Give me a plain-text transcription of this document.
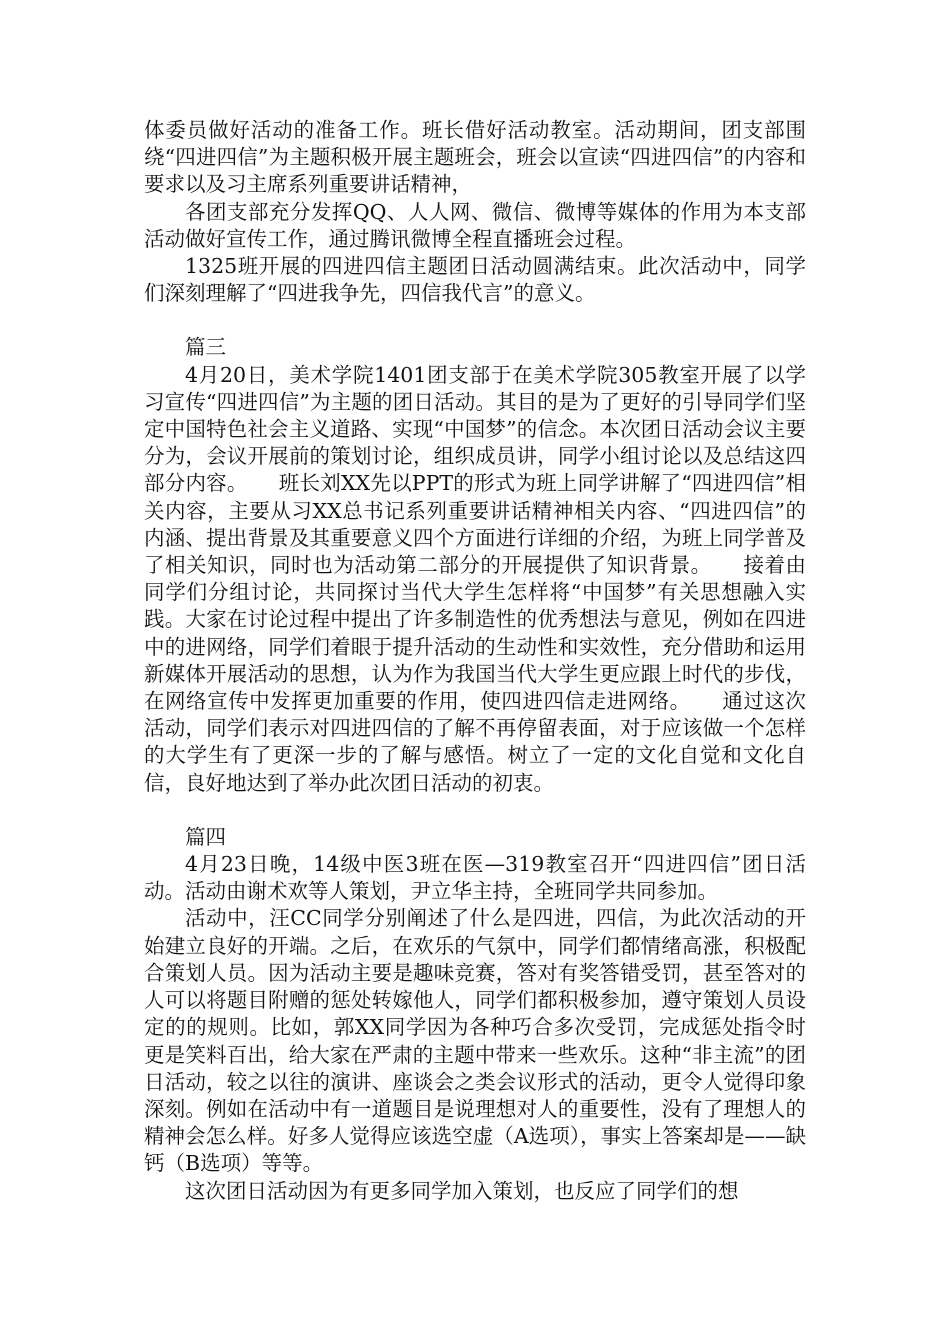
体委员做好活动的准备工作。班长借好活动教室。活动期间，团支部围绕“四进四信”为主题积极开展主题班会，班会以宣读“四进四信”的内容和要求以及习主席系列重要讲话精神，

各团支部充分发挥QQ、人人网、微信、微博等媒体的作用为本支部活动做好宣传工作，通过腾讯微博全程直播班会过程。

1325班开展的四进四信主题团日活动圆满结束。此次活动中，同学们深刻理解了“四进我争先，四信我代言”的意义。

篇三

4月20日，美术学院1401团支部于在美术学院305教室开展了以学习宣传“四进四信”为主题的团日活动。其目的是为了更好的引导同学们坚定中国特色社会主义道路、实现“中国梦”的信念。本次团日活动会议主要分为，会议开展前的策划讨论，组织成员讲，同学小组讨论以及总结这四部分内容。　　班长刘XX先以PPT的形式为班上同学讲解了“四进四信”相关内容，主要从习XX总书记系列重要讲话精神相关内容、“四进四信”的内涵、提出背景及其重要意义四个方面进行详细的介绍，为班上同学普及了相关知识，同时也为活动第二部分的开展提供了知识背景。　　接着由同学们分组讨论，共同探讨当代大学生怎样将“中国梦”有关思想融入实践。大家在讨论过程中提出了许多制造性的优秀想法与意见，例如在四进中的进网络，同学们着眼于提升活动的生动性和实效性，充分借助和运用新媒体开展活动的思想，认为作为我国当代大学生更应跟上时代的步伐，在网络宣传中发挥更加重要的作用，使四进四信走进网络。　　通过这次活动，同学们表示对四进四信的了解不再停留表面，对于应该做一个怎样的大学生有了更深一步的了解与感悟。树立了一定的文化自觉和文化自信，良好地达到了举办此次团日活动的初衷。

篇四

4月23日晚，14级中医3班在医—319教室召开“四进四信”团日活动。活动由谢术欢等人策划，尹立华主持，全班同学共同参加。

活动中，汪CC同学分别阐述了什么是四进，四信，为此次活动的开始建立良好的开端。之后，在欢乐的气氛中，同学们都情绪高涨，积极配合策划人员。因为活动主要是趣味竞赛，答对有奖答错受罚，甚至答对的人可以将题目附赠的惩处转嫁他人，同学们都积极参加，遵守策划人员设定的的规则。比如，郭XX同学因为各种巧合多次受罚，完成惩处指令时更是笑料百出，给大家在严肃的主题中带来一些欢乐。这种“非主流”的团日活动，较之以往的演讲、座谈会之类会议形式的活动，更令人觉得印象深刻。例如在活动中有一道题目是说理想对人的重要性，没有了理想人的精神会怎么样。好多人觉得应该选空虚（A选项），事实上答案却是——缺钙（B选项）等等。

这次团日活动因为有更多同学加入策划，也反应了同学们的想
